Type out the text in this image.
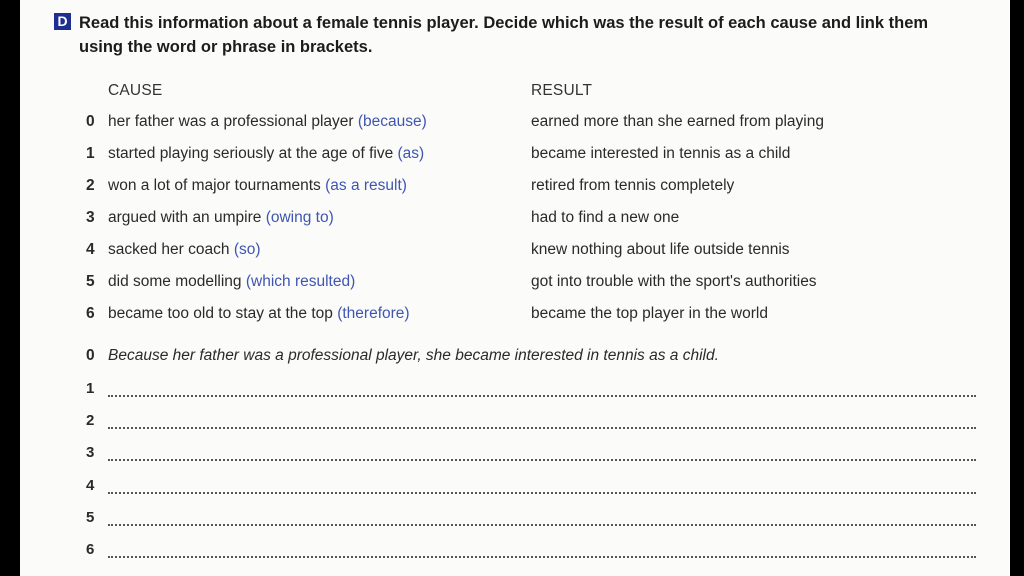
D Read this information about a female tennis player. Decide which was the result of each cause and link them using the word or phrase in brackets.
CAUSE	RESULT
0 her father was a professional player (because)	earned more than she earned from playing
1 started playing seriously at the age of five (as)	became interested in tennis as a child
2 won a lot of major tournaments (as a result)	retired from tennis completely
3 argued with an umpire (owing to)	had to find a new one
4 sacked her coach (so)	knew nothing about life outside tennis
5 did some modelling (which resulted)	got into trouble with the sport's authorities
6 became too old to stay at the top (therefore)	became the top player in the world
0 Because her father was a professional player, she became interested in tennis as a child.
1
2
3
4
5
6
